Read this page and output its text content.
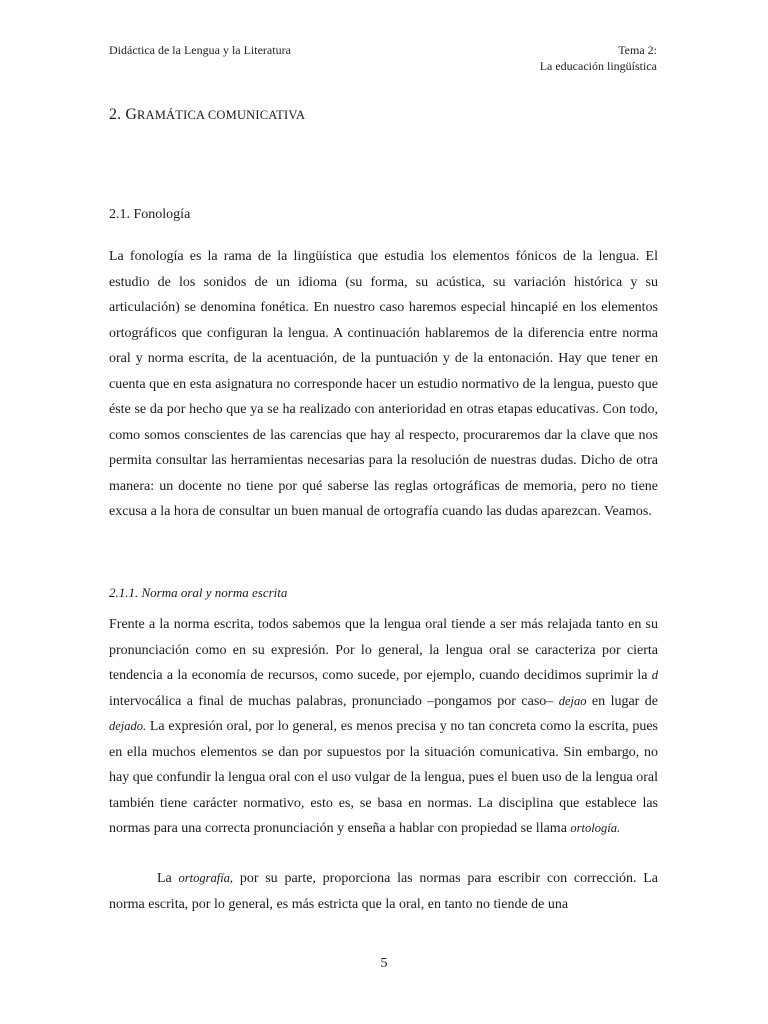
Didáctica de la Lengua y la Literatura	Tema 2:
La educación lingüística
2. GRAMÁTICA COMUNICATIVA
2.1. Fonología

La fonología es la rama de la lingüística que estudia los elementos fónicos de la lengua. El estudio de los sonidos de un idioma (su forma, su acústica, su variación histórica y su articulación) se denomina fonética. En nuestro caso haremos especial hincapié en los elementos ortográficos que configuran la lengua. A continuación hablaremos de la diferencia entre norma oral y norma escrita, de la acentuación, de la puntuación y de la entonación. Hay que tener en cuenta que en esta asignatura no corresponde hacer un estudio normativo de la lengua, puesto que éste se da por hecho que ya se ha realizado con anterioridad en otras etapas educativas. Con todo, como somos conscientes de las carencias que hay al respecto, procuraremos dar la clave que nos permita consultar las herramientas necesarias para la resolución de nuestras dudas. Dicho de otra manera: un docente no tiene por qué saberse las reglas ortográficas de memoria, pero no tiene excusa a la hora de consultar un buen manual de ortografía cuando las dudas aparezcan. Veamos.

2.1.1. Norma oral y norma escrita

Frente a la norma escrita, todos sabemos que la lengua oral tiende a ser más relajada tanto en su pronunciación como en su expresión. Por lo general, la lengua oral se caracteriza por cierta tendencia a la economía de recursos, como sucede, por ejemplo, cuando decidimos suprimir la d intervocálica a final de muchas palabras, pronunciado –pongamos por caso– dejao en lugar de dejado. La expresión oral, por lo general, es menos precisa y no tan concreta como la escrita, pues en ella muchos elementos se dan por supuestos por la situación comunicativa. Sin embargo, no hay que confundir la lengua oral con el uso vulgar de la lengua, pues el buen uso de la lengua oral también tiene carácter normativo, esto es, se basa en normas. La disciplina que establece las normas para una correcta pronunciación y enseña a hablar con propiedad se llama ortología.

La ortografía, por su parte, proporciona las normas para escribir con corrección. La norma escrita, por lo general, es más estricta que la oral, en tanto no tiende de una

5
